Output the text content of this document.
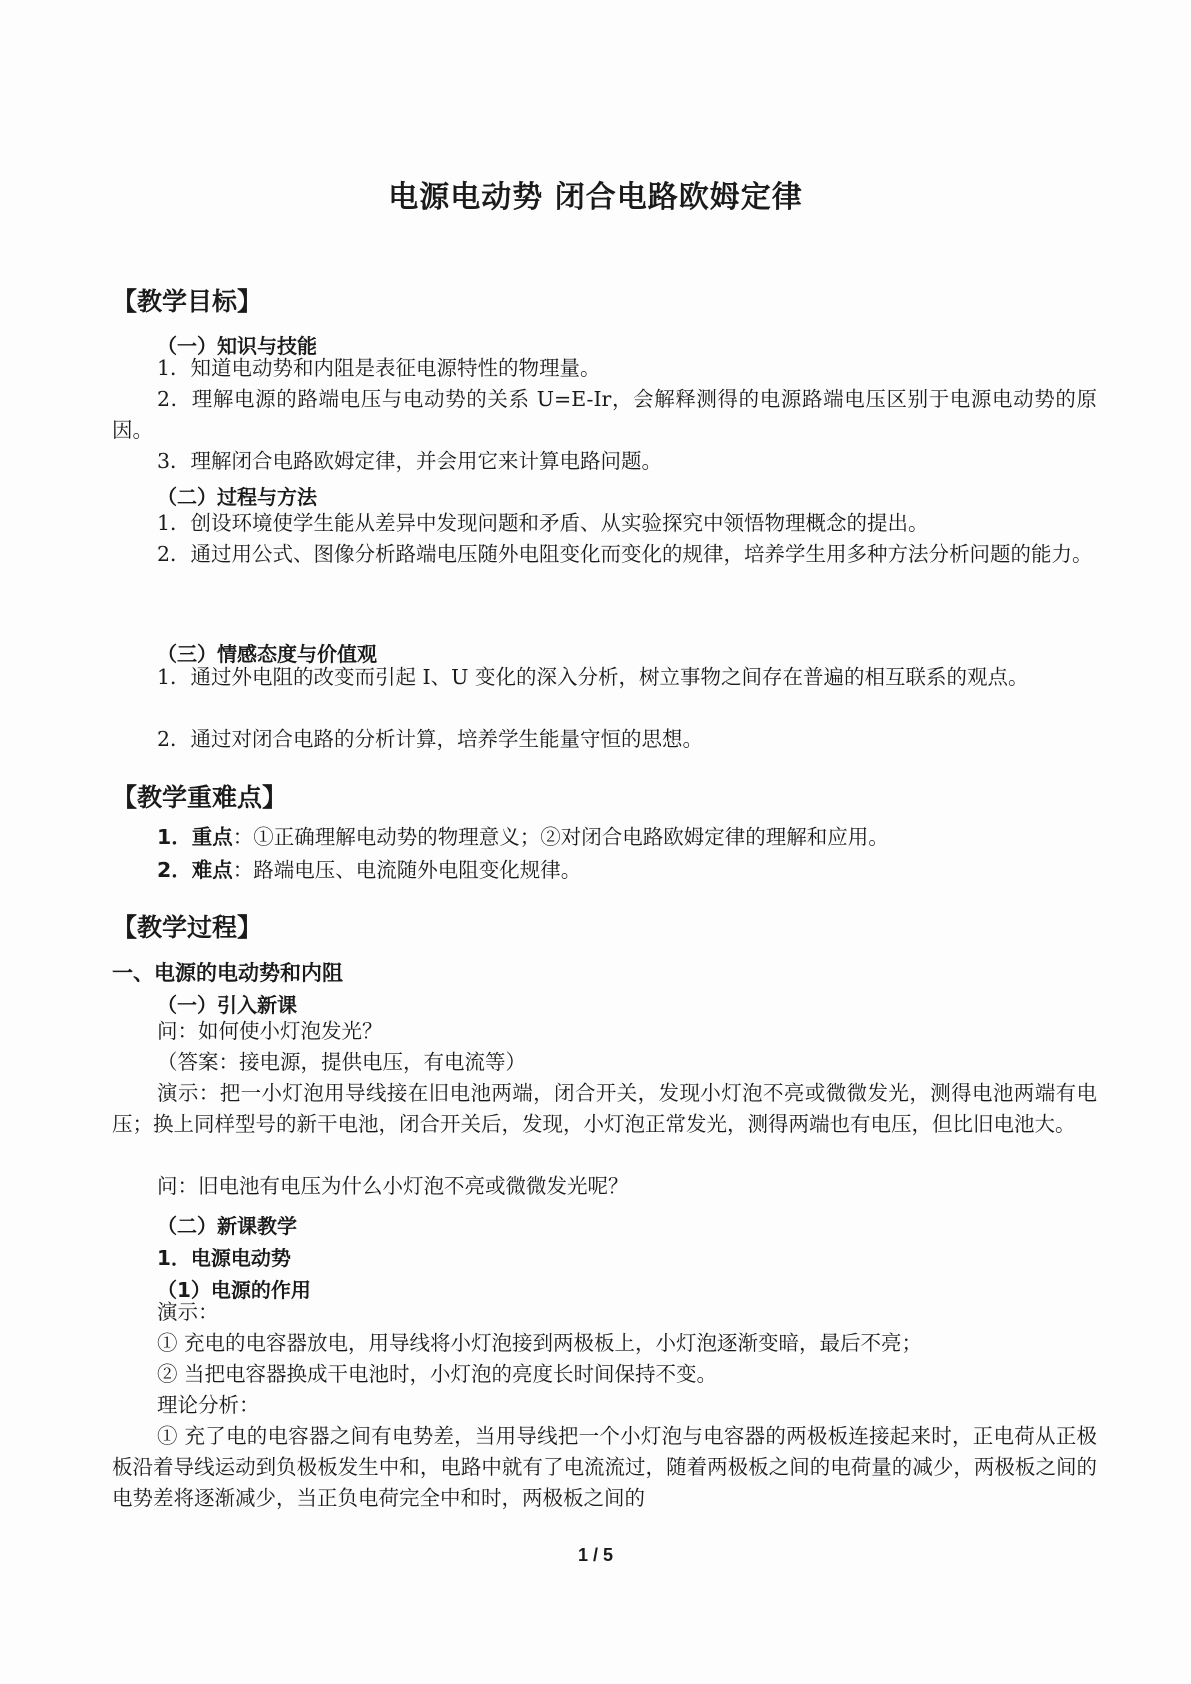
电源电动势 闭合电路欧姆定律
【教学目标】
（一）知识与技能
1．知道电动势和内阻是表征电源特性的物理量。
2．理解电源的路端电压与电动势的关系 U=E-Ir，会解释测得的电源路端电压区别于电源电动势的原因。
3．理解闭合电路欧姆定律，并会用它来计算电路问题。
（二）过程与方法
1．创设环境使学生能从差异中发现问题和矛盾、从实验探究中领悟物理概念的提出。
2．通过用公式、图像分析路端电压随外电阻变化而变化的规律，培养学生用多种方法分析问题的能力。
（三）情感态度与价值观
1．通过外电阻的改变而引起 I、U 变化的深入分析，树立事物之间存在普遍的相互联系的观点。
2．通过对闭合电路的分析计算，培养学生能量守恒的思想。
【教学重难点】
1．重点：①正确理解电动势的物理意义；②对闭合电路欧姆定律的理解和应用。
2．难点：路端电压、电流随外电阻变化规律。
【教学过程】
一、电源的电动势和内阻
（一）引入新课
问：如何使小灯泡发光？
（答案：接电源，提供电压，有电流等）
演示：把一小灯泡用导线接在旧电池两端，闭合开关，发现小灯泡不亮或微微发光，测得电池两端有电压；换上同样型号的新干电池，闭合开关后，发现，小灯泡正常发光，测得两端也有电压，但比旧电池大。
问：旧电池有电压为什么小灯泡不亮或微微发光呢？
（二）新课教学
1．电源电动势
（1）电源的作用
演示：
① 充电的电容器放电，用导线将小灯泡接到两极板上，小灯泡逐渐变暗，最后不亮；
② 当把电容器换成干电池时，小灯泡的亮度长时间保持不变。
理论分析：
① 充了电的电容器之间有电势差，当用导线把一个小灯泡与电容器的两极板连接起来时，正电荷从正极板沿着导线运动到负极板发生中和，电路中就有了电流流过，随着两极板之间的电荷量的减少，两极板之间的电势差将逐渐减少，当正负电荷完全中和时，两极板之间的
1 / 5
